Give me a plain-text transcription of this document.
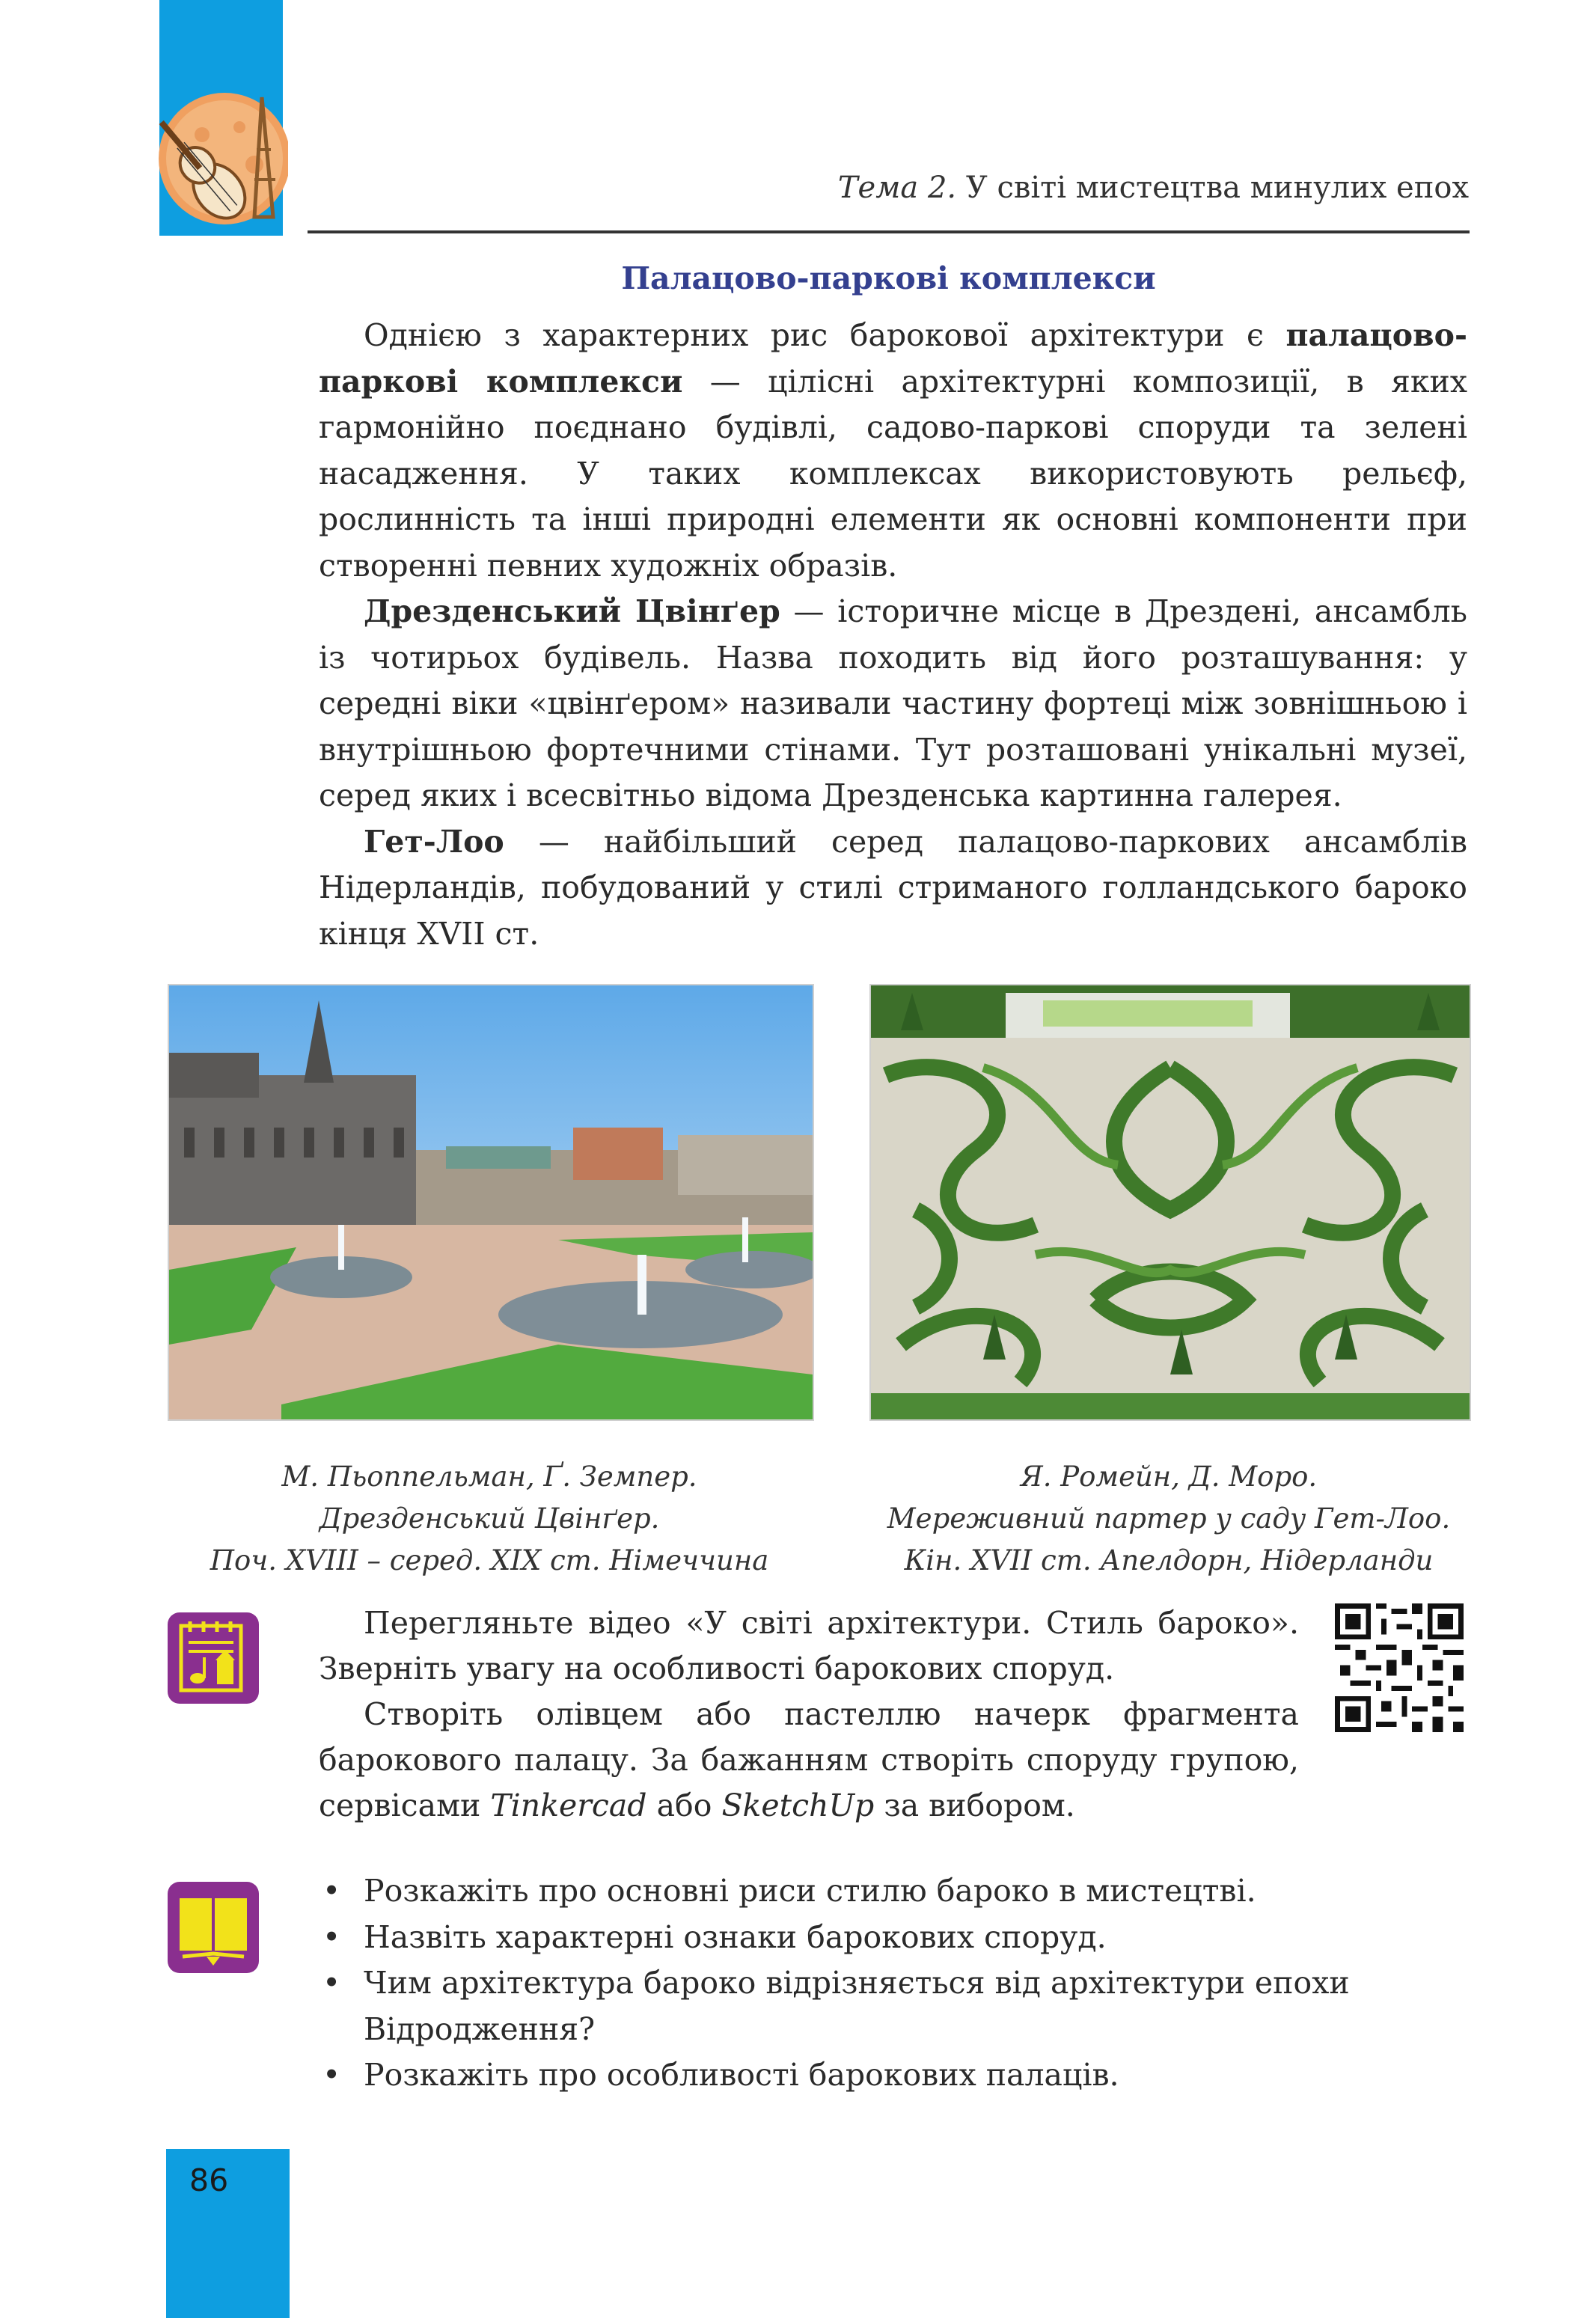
Тема 2. У світі мистецтва минулих епох
Палацово-паркові комплекси

Однією з характерних рис барокової архітектури є палацово-паркові комплекси — цілісні архітектурні композиції, в яких гармонійно поєднано будівлі, садово-паркові споруди та зелені насадження. У таких комплексах використовують рельєф, рослинність та інші природні елементи як основні компоненти при створенні певних художніх образів.

Дрезденський Цвінґер — історичне місце в Дрездені, ансамбль із чотирьох будівель. Назва походить від його розташування: у середні віки «цвінґером» називали частину фортеці між зовнішньою і внутрішньою фортечними стінами. Тут розташовані унікальні музеї, серед яких і всесвітньо відома Дрезденська картинна галерея.

Гет-Лоо — найбільший серед палацово-паркових ансамблів Нідерландів, побудований у стилі стриманого голландського бароко кінця XVII ст.

М. Пьоппельман, Ґ. Земпер.
Дрезденський Цвінґер.
Поч. XVIII – серед. XIX ст. Німеччина
Я. Ромейн, Д. Моро.
Мереживний партер у саду Гет-Лоо.
Кін. XVII ст. Апелдорн, Нідерланди

Перегляньте відео «У світі архітектури. Стиль бароко». Зверніть увагу на особливості барокових споруд.

Створіть олівцем або пастеллю начерк фрагмента барокового палацу. За бажанням створіть споруду групою, сервісами Tinkercad або SketchUp за вибором.

• Розкажіть про основні риси стилю бароко в мистецтві.
• Назвіть характерні ознаки барокових споруд.
• Чим архітектура бароко відрізняється від архітектури епохи Відродження?
• Розкажіть про особливості барокових палаців.
86
